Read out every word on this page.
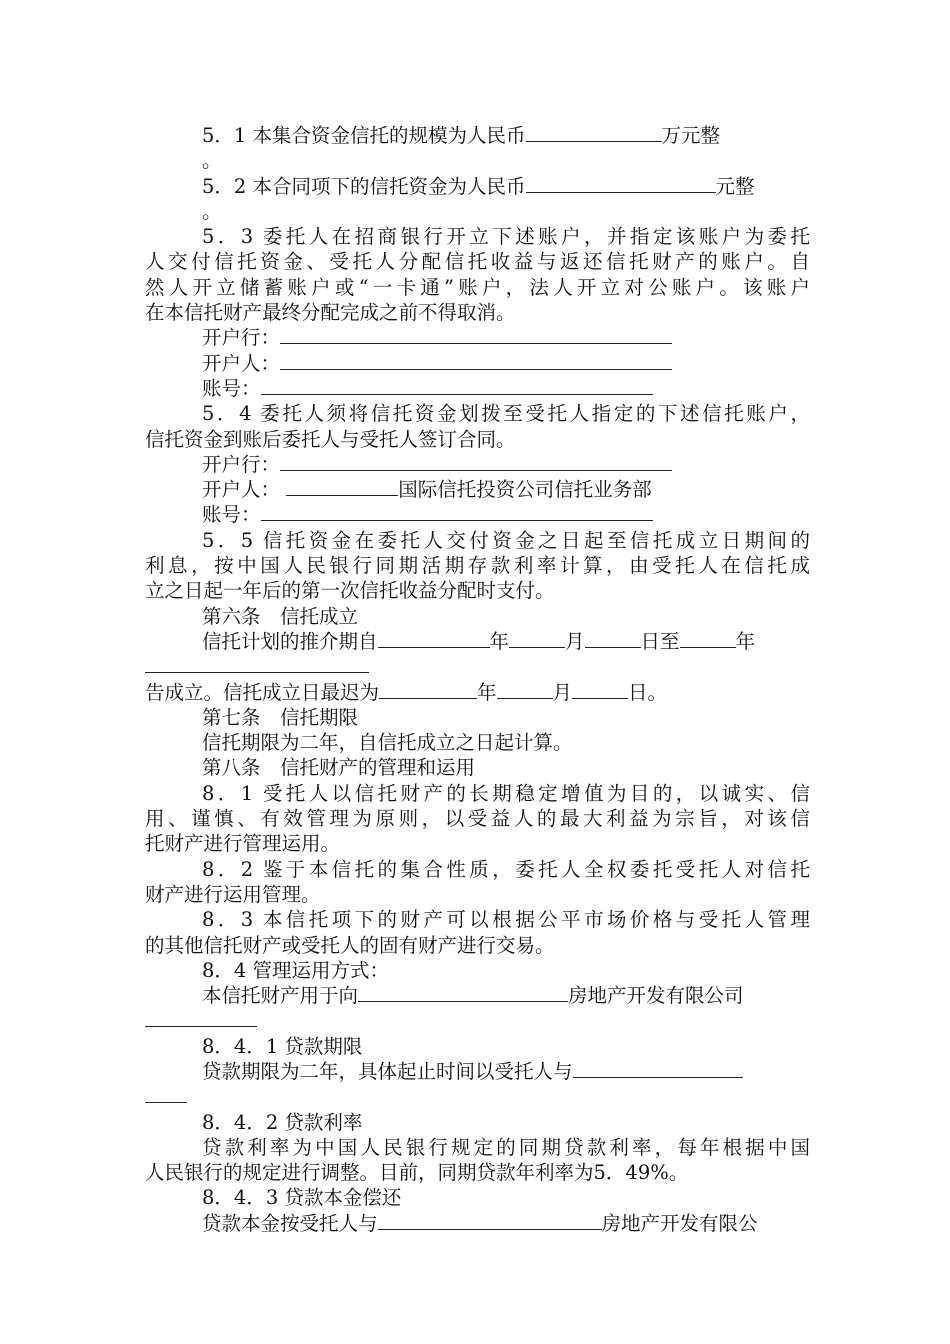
5．1 本集合资金信托的规模为人民币	万元整
。
5．2 本合同项下的信托资金为人民币	元整
。
5．3 委托人在招商银行开立下述账户，并指定该账户为委托
人交付信托资金、受托人分配信托收益与返还信托财产的账户。自
然人开立储蓄账户或“一卡通”账户，法人开立对公账户。该账户
在本信托财产最终分配完成之前不得取消。
开户行：
开户人：
账号：
5．4 委托人须将信托资金划拨至受托人指定的下述信托账户，
信托资金到账后委托人与受托人签订合同。
开户行：
开户人：	国际信托投资公司信托业务部
账号：
5．5 信托资金在委托人交付资金之日起至信托成立日期间的
利息，按中国人民银行同期活期存款利率计算，由受托人在信托成
立之日起一年后的第一次信托收益分配时支付。
第六条　信托成立
信托计划的推介期自	年	月	日至	年
告成立。信托成立日最迟为	年	月	日。
第七条　信托期限
信托期限为二年，自信托成立之日起计算。
第八条　信托财产的管理和运用
8．1 受托人以信托财产的长期稳定增值为目的，以诚实、信
用、谨慎、有效管理为原则，以受益人的最大利益为宗旨，对该信
托财产进行管理运用。
8．2 鉴于本信托的集合性质，委托人全权委托受托人对信托
财产进行运用管理。
8．3 本信托项下的财产可以根据公平市场价格与受托人管理
的其他信托财产或受托人的固有财产进行交易。
8．4 管理运用方式：
本信托财产用于向	房地产开发有限公司
8．4．1 贷款期限
贷款期限为二年，具体起止时间以受托人与
8．4．2 贷款利率
贷款利率为中国人民银行规定的同期贷款利率，每年根据中国
人民银行的规定进行调整。目前，同期贷款年利率为5．49%。
8．4．3 贷款本金偿还
贷款本金按受托人与	房地产开发有限公
